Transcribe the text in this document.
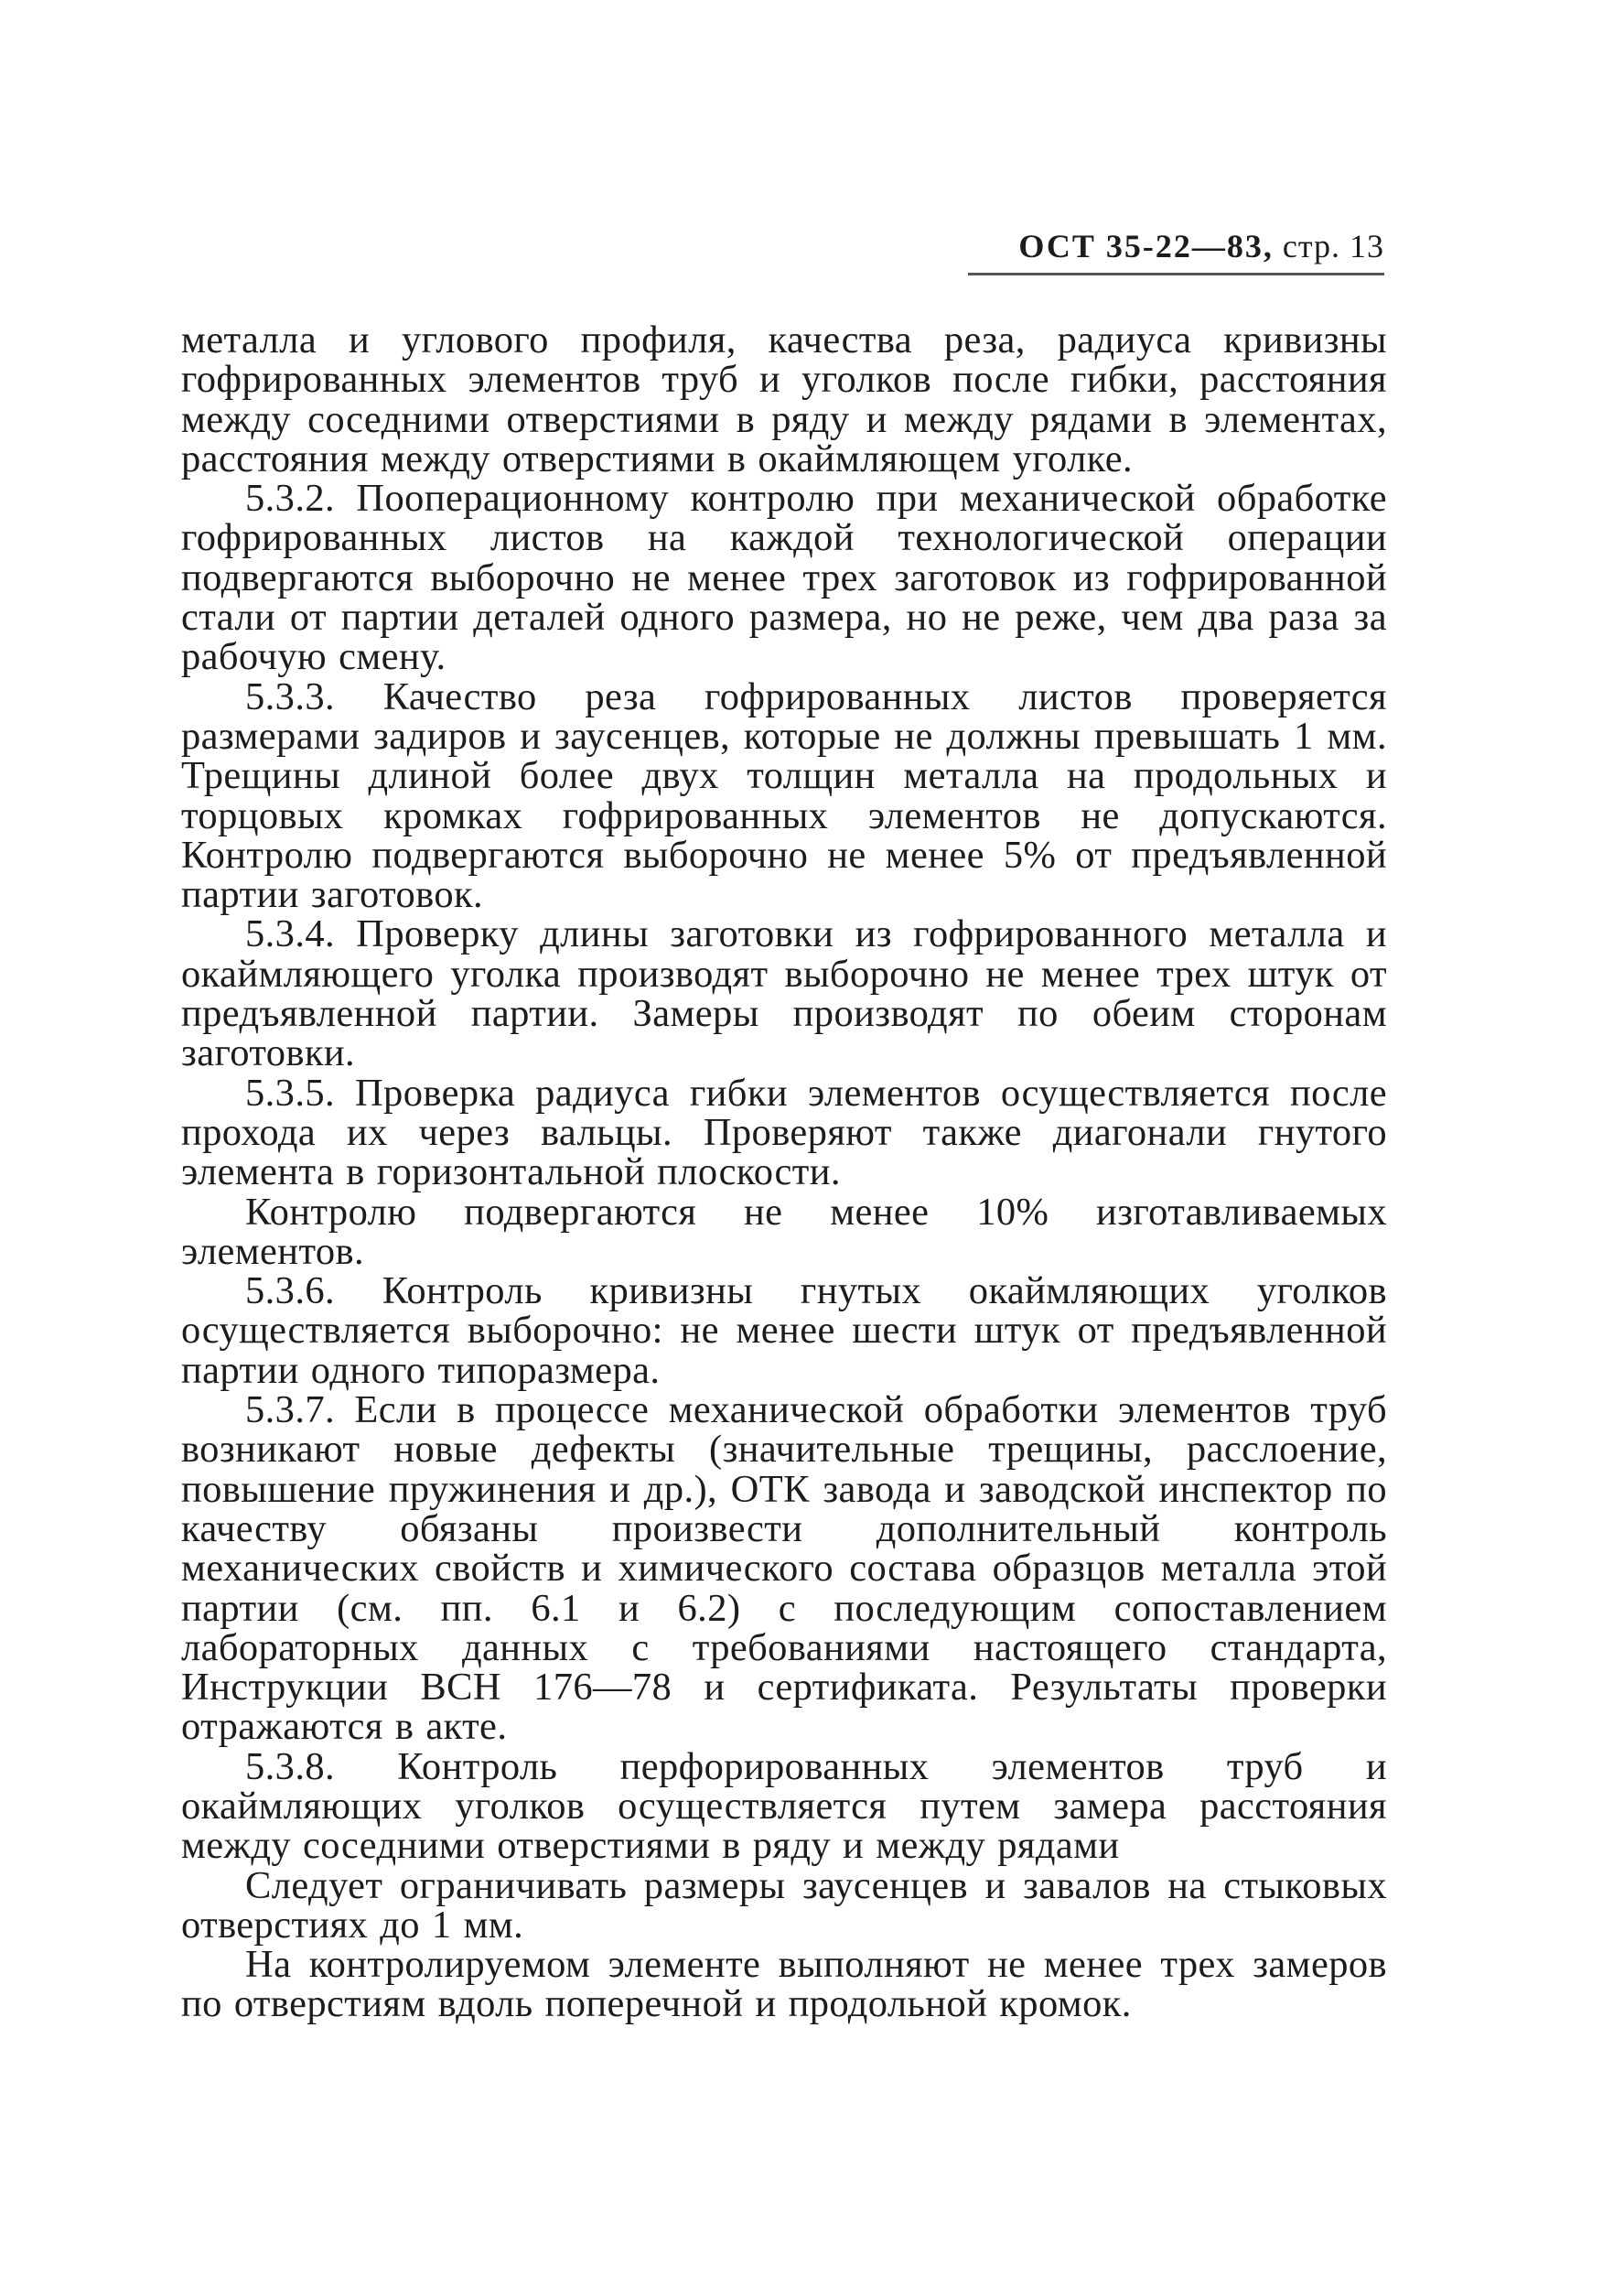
ОСТ 35-22—83, стр. 13

металла и углового профиля, качества реза, радиуса кривизны гофрированных элементов труб и уголков после гибки, расстояния между соседними отверстиями в ряду и между рядами в элементах, расстояния между отверстиями в окаймляющем уголке.

5.3.2. Пооперационному контролю при механической обработке гофрированных листов на каждой технологической операции подвергаются выборочно не менее трех заготовок из гофрированной стали от партии деталей одного размера, но не реже, чем два раза за рабочую смену.

5.3.3. Качество реза гофрированных листов проверяется размерами задиров и заусенцев, которые не должны превышать 1 мм. Трещины длиной более двух толщин металла на продольных и торцовых кромках гофрированных элементов не допускаются. Контролю подвергаются выборочно не менее 5% от предъявленной партии заготовок.

5.3.4. Проверку длины заготовки из гофрированного металла и окаймляющего уголка производят выборочно не менее трех штук от предъявленной партии. Замеры производят по обеим сторонам заготовки.

5.3.5. Проверка радиуса гибки элементов осуществляется после прохода их через вальцы. Проверяют также диагонали гнутого элемента в горизонтальной плоскости.

Контролю подвергаются не менее 10% изготавливаемых элементов.

5.3.6. Контроль кривизны гнутых окаймляющих уголков осуществляется выборочно: не менее шести штук от предъявленной партии одного типоразмера.

5.3.7. Если в процессе механической обработки элементов труб возникают новые дефекты (значительные трещины, расслоение, повышение пружинения и др.), ОТК завода и заводской инспектор по качеству обязаны произвести дополнительный контроль механических свойств и химического состава образцов металла этой партии (см. пп. 6.1 и 6.2) с последующим сопоставлением лабораторных данных с требованиями настоящего стандарта, Инструкции ВСН 176—78 и сертификата. Результаты проверки отражаются в акте.

5.3.8. Контроль перфорированных элементов труб и окаймляющих уголков осуществляется путем замера расстояния между соседними отверстиями в ряду и между рядами

Следует ограничивать размеры заусенцев и завалов на стыковых отверстиях до 1 мм.

На контролируемом элементе выполняют не менее трех замеров по отверстиям вдоль поперечной и продольной кромок.
